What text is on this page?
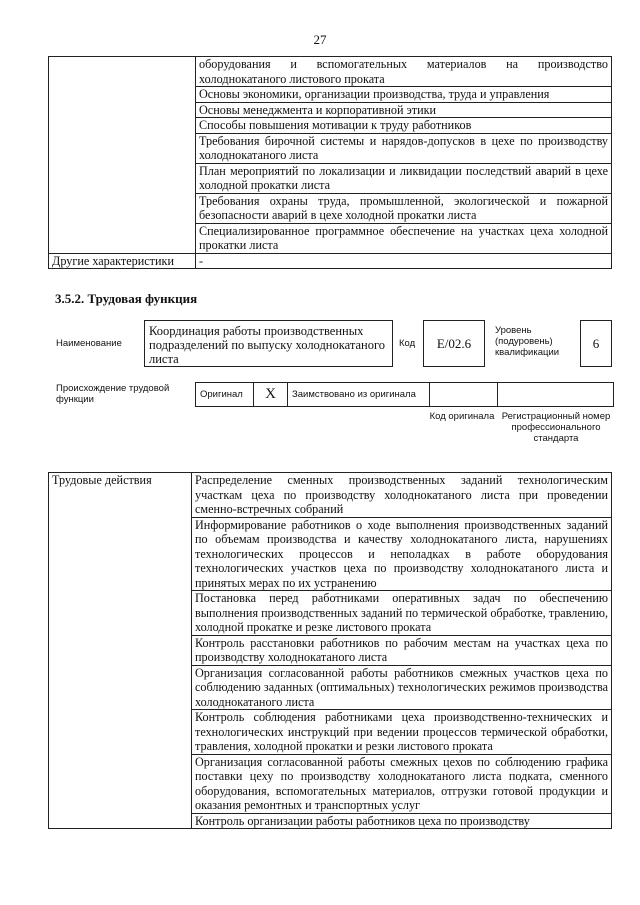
27
	оборудования и вспомогательных материалов на производство холоднокатаного листового проката
	Основы экономики, организации производства, труда и управления
	Основы менеджмента и корпоративной этики
	Способы повышения мотивации к труду работников
	Требования бирочной системы и нарядов-допусков в цехе по производству холоднокатаного листа
	План мероприятий по локализации и ликвидации последствий аварий в цехе холодной прокатки листа
	Требования охраны труда, промышленной, экологической и пожарной безопасности аварий в цехе холодной прокатки листа
	Специализированное программное обеспечение на участках цеха холодной прокатки листа
Другие характеристики	-
3.5.2. Трудовая функция
Наименование
Координация работы производственных подразделений по выпуску холоднокатаного листа
Код	E/02.6
Уровень (подуровень) квалификации
6
Происхождение трудовой функции	Оригинал	X	Заимствовано из оригинала		
Код оригинала Регистрационный номер профессионального стандарта
Трудовые действия	Распределение сменных производственных заданий технологическим участкам цеха по производству холоднокатаного листа при проведении сменно-встречных собраний
Информирование работников о ходе выполнения производственных заданий по объемам производства и качеству холоднокатаного листа, нарушениях технологических процессов и неполадках в работе оборудования технологических участков цеха по производству холоднокатаного листа и принятых мерах по их устранению
Постановка перед работниками оперативных задач по обеспечению выполнения производственных заданий по термической обработке, травлению, холодной прокатке и резке листового проката
Контроль расстановки работников по рабочим местам на участках цеха по производству холоднокатаного листа
Организация согласованной работы работников смежных участков цеха по соблюдению заданных (оптимальных) технологических режимов производства холоднокатаного листа
Контроль соблюдения работниками цеха производственно-технических и технологических инструкций при ведении процессов термической обработки, травления, холодной прокатки и резки листового проката
Организация согласованной работы смежных цехов по соблюдению графика поставки цеху по производству холоднокатаного листа подката, сменного оборудования, вспомогательных материалов, отгрузки готовой продукции и оказания ремонтных и транспортных услуг
Контроль организации работы работников цеха по производству
